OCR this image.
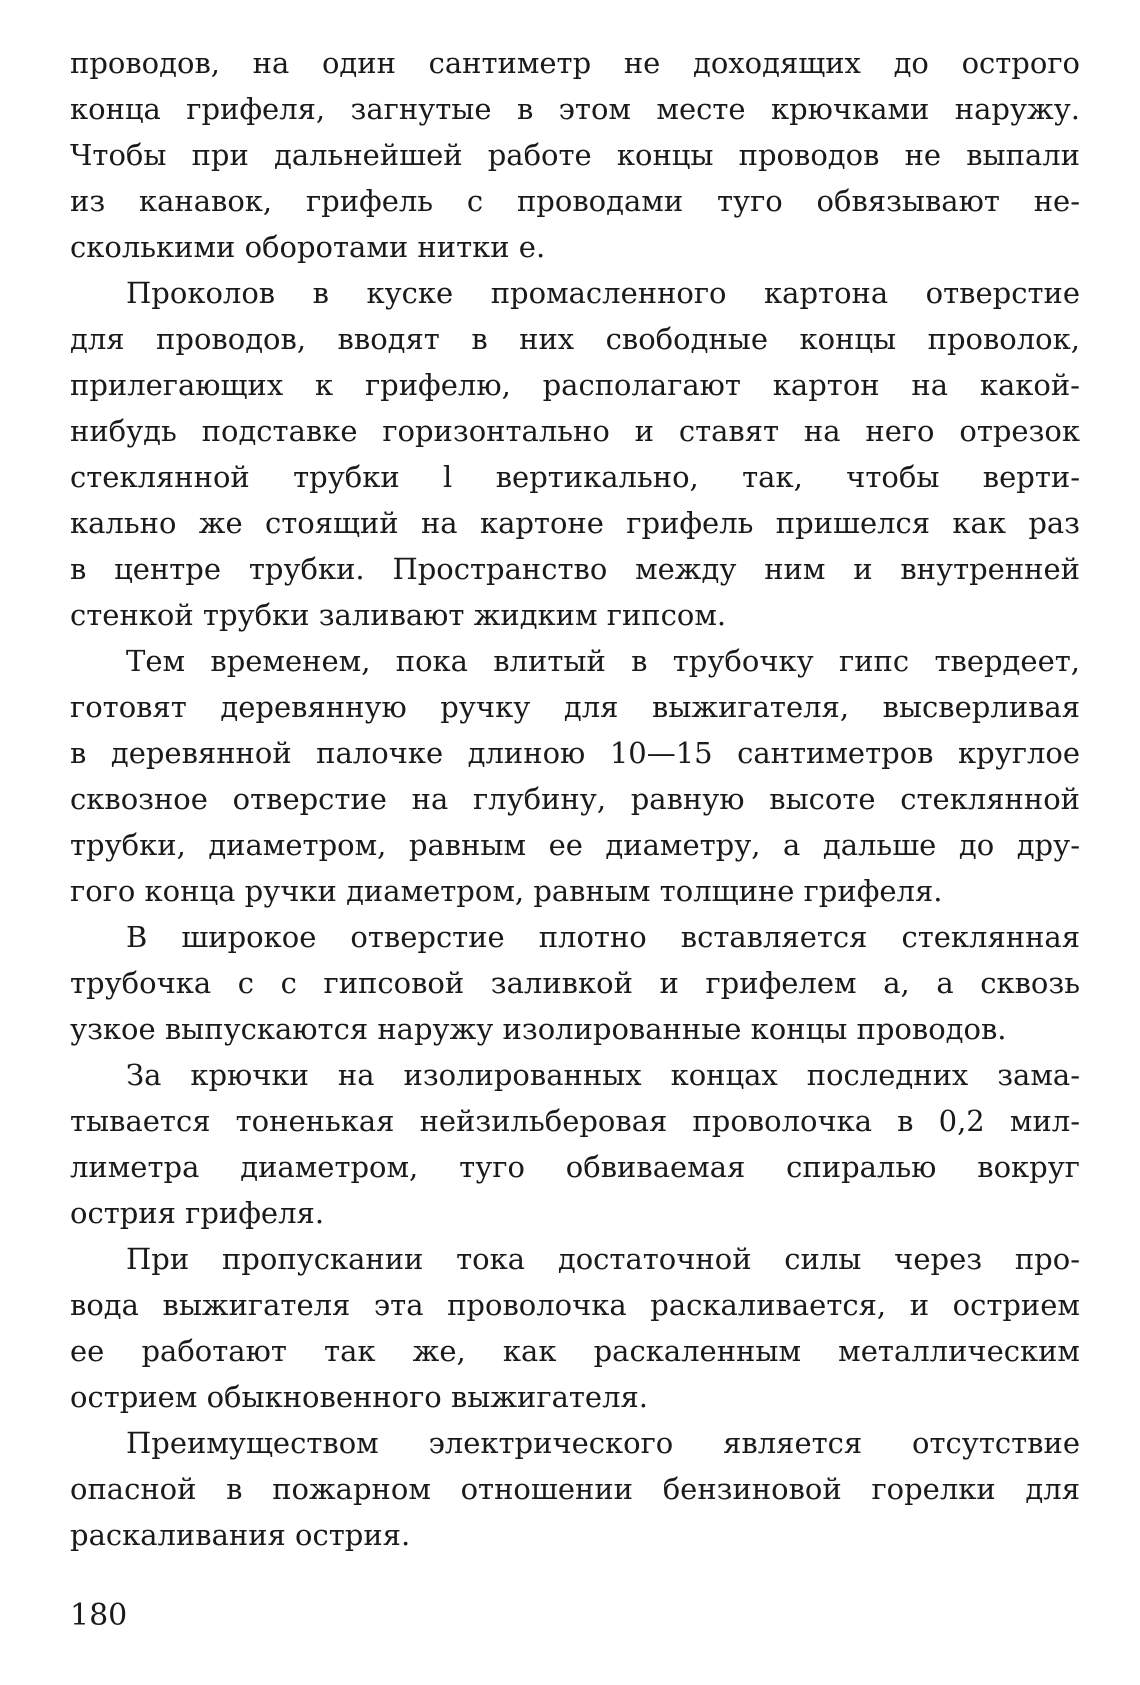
проводов, на один сантиметр не доходящих до острого
конца грифеля, загнутые в этом месте крючками наружу.
Чтобы при дальнейшей работе концы проводов не выпали
из канавок, грифель с проводами туго обвязывают не-
сколькими оборотами нитки е.
Проколов в куске промасленного картона отверстие
для проводов, вводят в них свободные концы проволок,
прилегающих к грифелю, располагают картон на какой-
нибудь подставке горизонтально и ставят на него отрезок
стеклянной трубки l вертикально, так, чтобы верти-
кально же стоящий на картоне грифель пришелся как раз
в центре трубки. Пространство между ним и внутренней
стенкой трубки заливают жидким гипсом.
Тем временем, пока влитый в трубочку гипс твердеет,
готовят деревянную ручку для выжигателя, высверливая
в деревянной палочке длиною 10—15 сантиметров круглое
сквозное отверстие на глубину, равную высоте стеклянной
трубки, диаметром, равным ее диаметру, а дальше до дру-
гого конца ручки диаметром, равным толщине грифеля.
В широкое отверстие плотно вставляется стеклянная
трубочка с с гипсовой заливкой и грифелем а, а сквозь
узкое выпускаются наружу изолированные концы проводов.
За крючки на изолированных концах последних зама-
тывается тоненькая нейзильберовая проволочка в 0,2 мил-
лиметра диаметром, туго обвиваемая спиралью вокруг
острия грифеля.
При пропускании тока достаточной силы через про-
вода выжигателя эта проволочка раскаливается, и острием
ее работают так же, как раскаленным металлическим
острием обыкновенного выжигателя.
Преимуществом электрического является отсутствие
опасной в пожарном отношении бензиновой горелки для
раскаливания острия.
180
